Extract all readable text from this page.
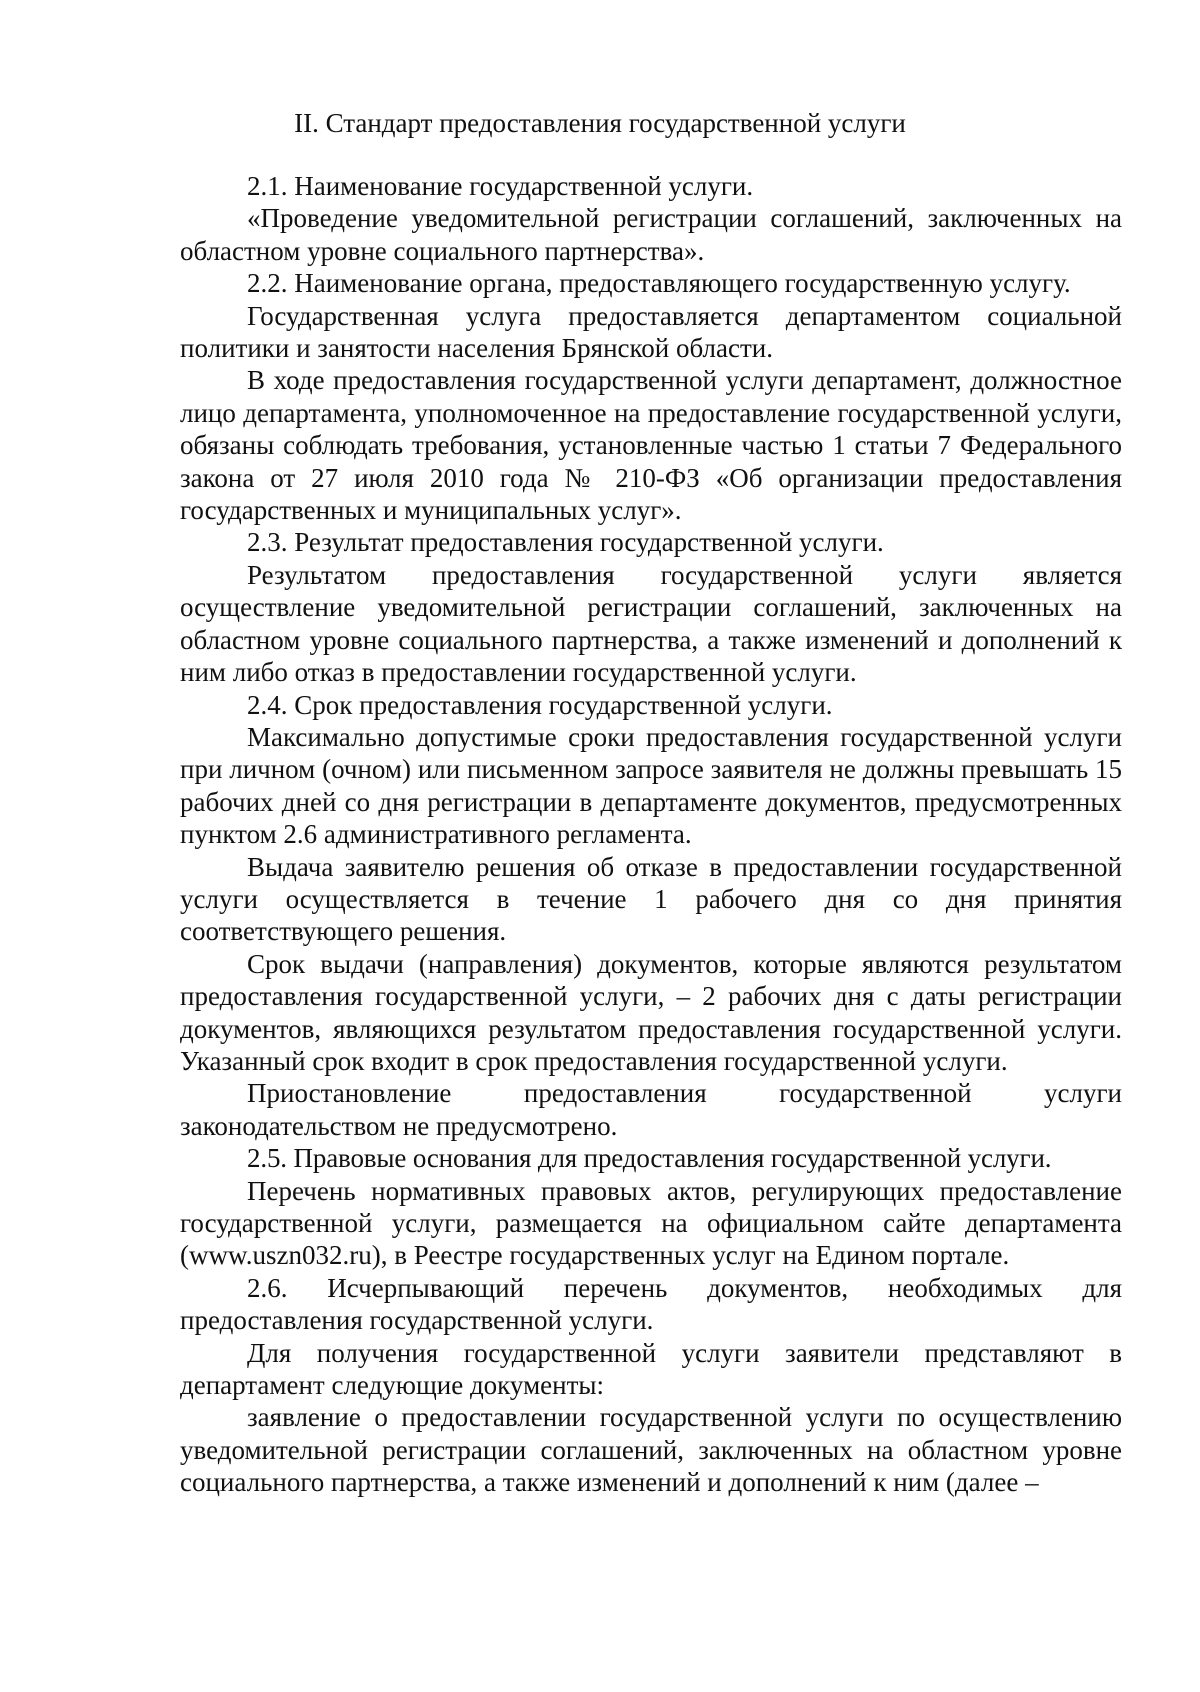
II. Стандарт предоставления государственной услуги

2.1. Наименование государственной услуги.

«Проведение уведомительной регистрации соглашений, заключенных на областном уровне социального партнерства».

2.2. Наименование органа, предоставляющего государственную услугу.

Государственная услуга предоставляется департаментом социальной политики и занятости населения Брянской области.

В ходе предоставления государственной услуги департамент, должностное лицо департамента, уполномоченное на предоставление государственной услуги, обязаны соблюдать требования, установленные частью 1 статьи 7 Федерального закона от 27 июля 2010 года № 210-ФЗ «Об организации предоставления государственных и муниципальных услуг».

2.3. Результат предоставления государственной услуги.

Результатом предоставления государственной услуги является осуществление уведомительной регистрации соглашений, заключенных на областном уровне социального партнерства, а также изменений и дополнений к ним либо отказ в предоставлении государственной услуги.

2.4. Срок предоставления государственной услуги.

Максимально допустимые сроки предоставления государственной услуги при личном (очном) или письменном запросе заявителя не должны превышать 15 рабочих дней со дня регистрации в департаменте документов, предусмотренных пунктом 2.6 административного регламента.

Выдача заявителю решения об отказе в предоставлении государственной услуги осуществляется в течение 1 рабочего дня со дня принятия соответствующего решения.

Срок выдачи (направления) документов, которые являются результатом предоставления государственной услуги, – 2 рабочих дня с даты регистрации документов, являющихся результатом предоставления государственной услуги. Указанный срок входит в срок предоставления государственной услуги.

Приостановление предоставления государственной услуги законодательством не предусмотрено.

2.5. Правовые основания для предоставления государственной услуги.

Перечень нормативных правовых актов, регулирующих предоставление государственной услуги, размещается на официальном сайте департамента (www.uszn032.ru), в Реестре государственных услуг на Едином портале.

2.6. Исчерпывающий перечень документов, необходимых для предоставления государственной услуги.

Для получения государственной услуги заявители представляют в департамент следующие документы:

заявление о предоставлении государственной услуги по осуществлению уведомительной регистрации соглашений, заключенных на областном уровне социального партнерства, а также изменений и дополнений к ним (далее –
